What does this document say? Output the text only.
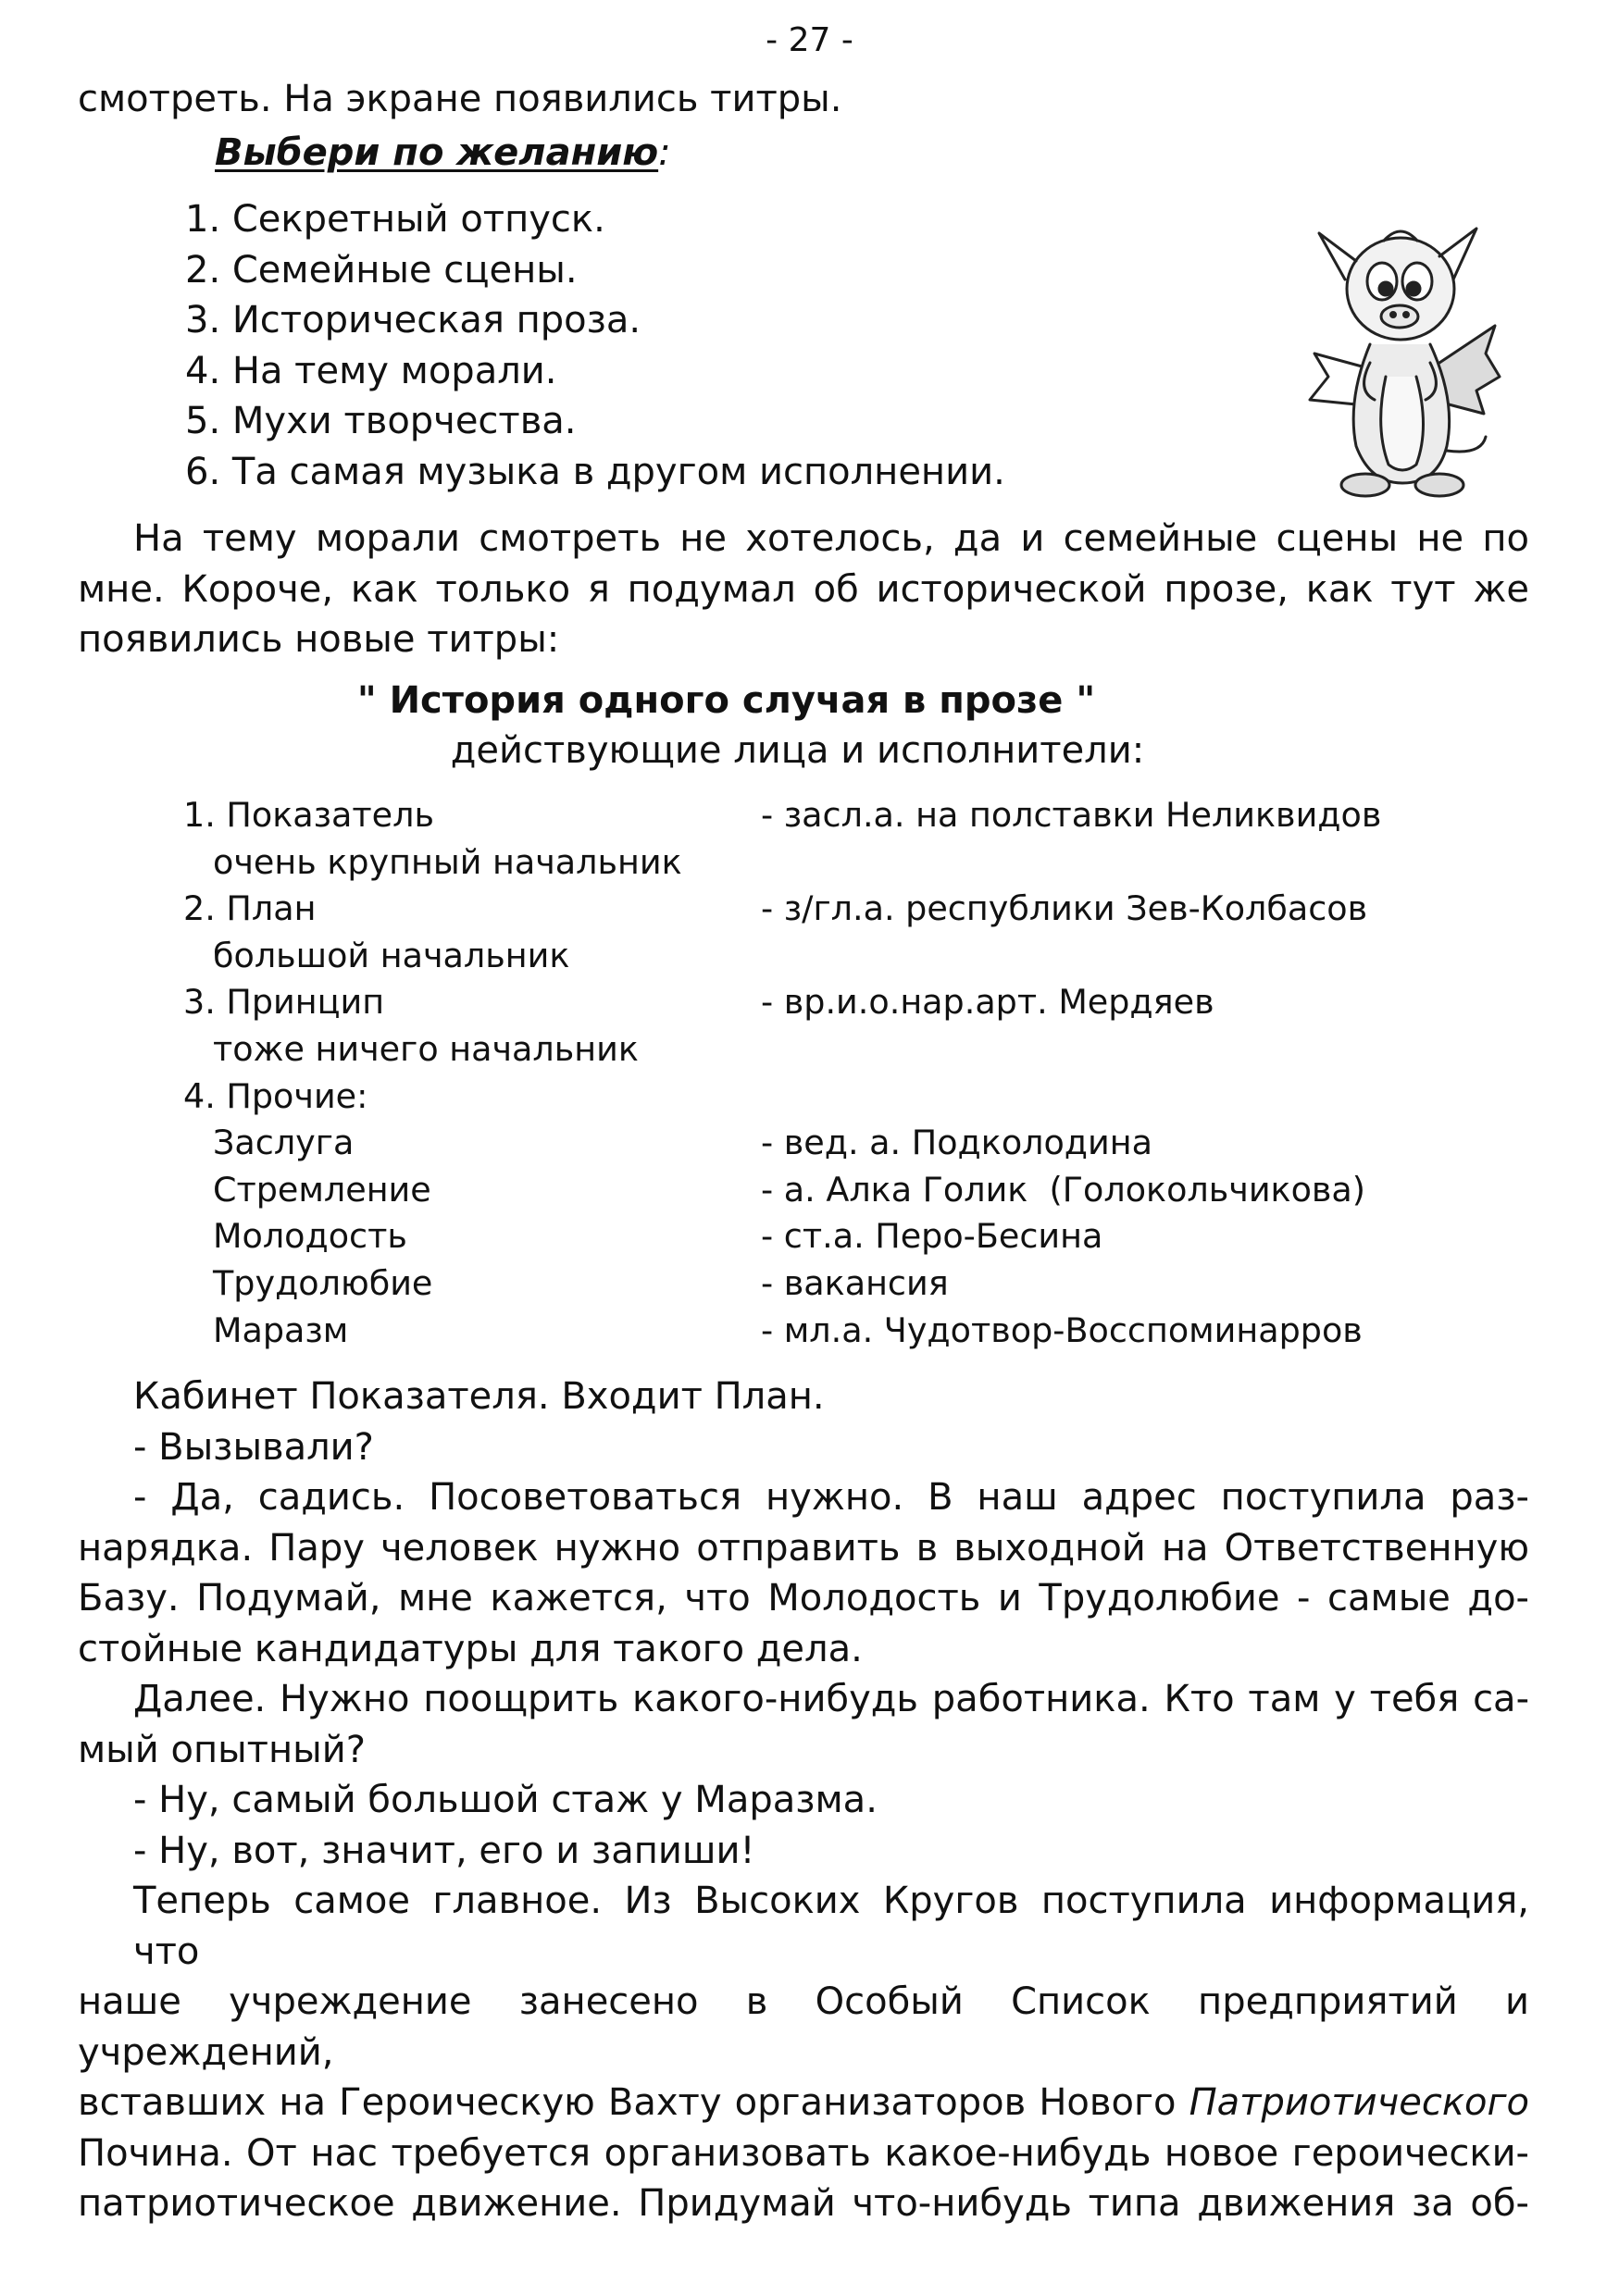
- 27 -
смотреть. На экране появились титры.
Выбери по желанию:
1. Секретный отпуск.
2. Семейные сцены.
3. Историческая проза.
4. На тему морали.
5. Мухи творчества.
6. Та самая музыка в другом исполнении.
На тему морали смотреть не хотелось, да и семейные сцены не по
мне. Короче, как только я подумал об исторической прозе, как тут же
появились новые титры:
" История одного случая в прозе "
действующие лица и исполнители:
1. Показатель	- засл.а. на полставки Неликвидов
очень крупный начальник
2. План	- з/гл.а. республики Зев-Колбасов
большой начальник
3. Принцип	- вр.и.о.нар.арт. Мердяев
тоже ничего начальник
4. Прочие:
Заслуга	- вед. а. Подколодина
Стремление	- а. Алка Голик  (Голокольчикова)
Молодость	- ст.а. Перо-Бесина
Трудолюбие	- вакансия
Маразм	- мл.а. Чудотвор-Восспоминарров
Кабинет Показателя. Входит План.
- Вызывали?
- Да, садись. Посоветоваться нужно. В наш адрес поступила раз-
нарядка. Пару человек нужно отправить в выходной на Ответственную
Базу. Подумай, мне кажется, что Молодость и Трудолюбие - самые до-
стойные кандидатуры для такого дела.
Далее. Нужно поощрить какого-нибудь работника. Кто там у тебя са-
мый опытный?
- Ну, самый большой стаж у Маразма.
- Ну, вот, значит, его и запиши!
Теперь самое главное. Из Высоких Кругов поступила информация, что
наше учреждение занесено в Особый Список предприятий и учреждений,
вставших на Героическую Вахту организаторов Нового Патриотического
Почина. От нас требуется организовать какое-нибудь новое героически-
патриотическое движение. Придумай что-нибудь типа движения за об-
